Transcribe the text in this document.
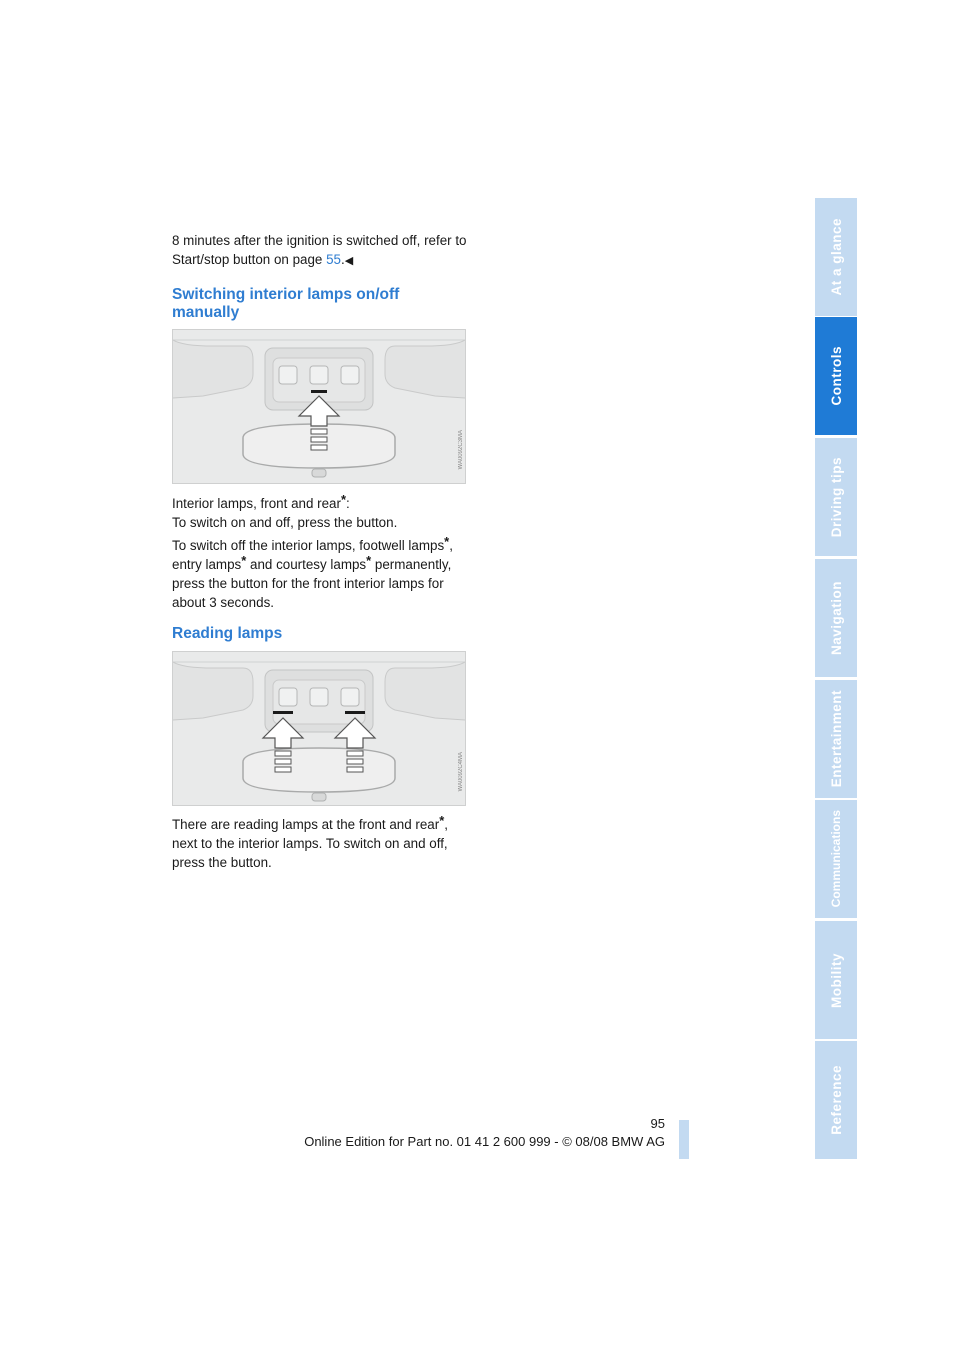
8 minutes after the ignition is switched off, refer to Start/stop button on page 55.◀

Switching interior lamps on/off
manually
WA0092C3MA

Interior lamps, front and rear*:
To switch on and off, press the button.

To switch off the interior lamps, footwell lamps*, entry lamps* and courtesy lamps* permanently, press the button for the front interior lamps for about 3 seconds.

Reading lamps
WA0092C4MA

There are reading lamps at the front and rear*, next to the interior lamps. To switch on and off, press the button.

At a glance
Controls
Driving tips
Navigation
Entertainment
Communications
Mobility
Reference
95
Online Edition for Part no. 01 41 2 600 999 - © 08/08 BMW AG
